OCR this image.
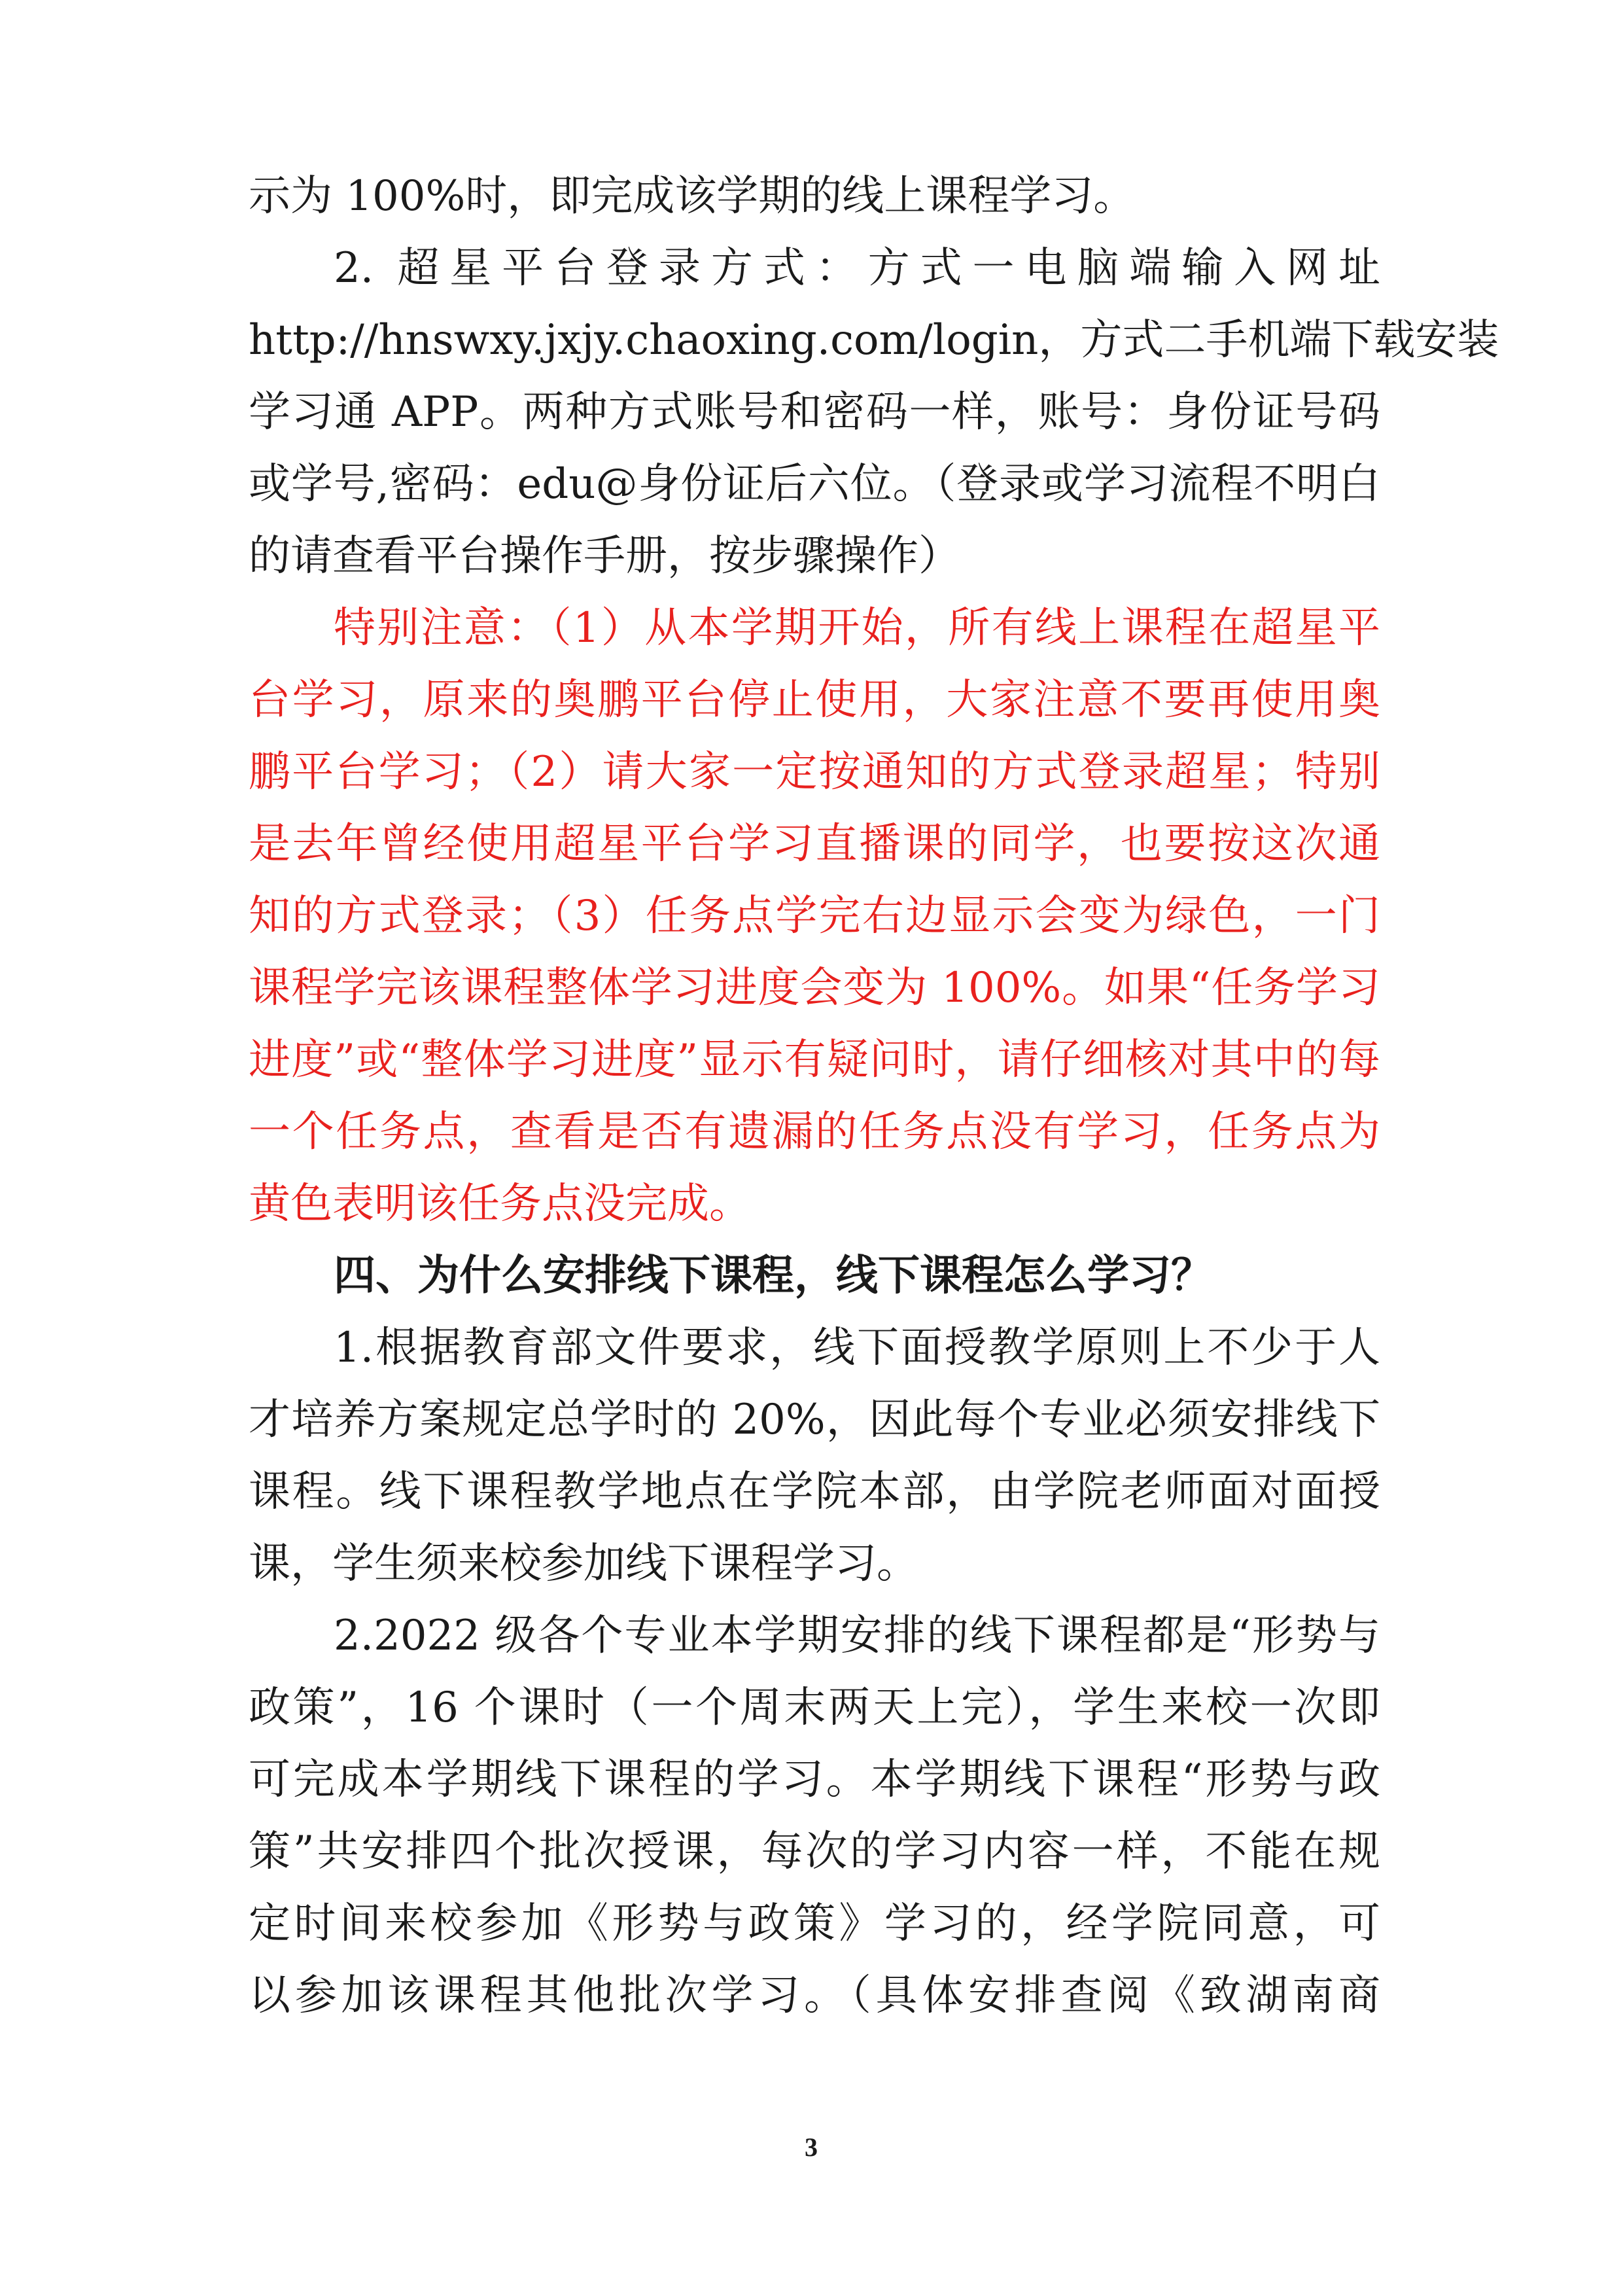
示为 100%时，即完成该学期的线上课程学习。
2. 超星平台登录方式：方式一电脑端输入网址
http://hnswxy.jxjy.chaoxing.com/login，方式二手机端下载安装
学习通 APP。两种方式账号和密码一样，账号：身份证号码
或学号,密码：edu@身份证后六位。（登录或学习流程不明白
的请查看平台操作手册，按步骤操作）
特别注意：（1）从本学期开始，所有线上课程在超星平
台学习，原来的奥鹏平台停止使用，大家注意不要再使用奥
鹏平台学习；（2）请大家一定按通知的方式登录超星；特别
是去年曾经使用超星平台学习直播课的同学，也要按这次通
知的方式登录；（3）任务点学完右边显示会变为绿色，一门
课程学完该课程整体学习进度会变为 100%。如果“任务学习
进度”或“整体学习进度”显示有疑问时，请仔细核对其中的每
一个任务点，查看是否有遗漏的任务点没有学习，任务点为
黄色表明该任务点没完成。
四、为什么安排线下课程，线下课程怎么学习？
1.根据教育部文件要求，线下面授教学原则上不少于人
才培养方案规定总学时的 20%，因此每个专业必须安排线下
课程。线下课程教学地点在学院本部，由学院老师面对面授
课，学生须来校参加线下课程学习。
2.2022 级各个专业本学期安排的线下课程都是“形势与
政策”，16 个课时（一个周末两天上完），学生来校一次即
可完成本学期线下课程的学习。本学期线下课程“形势与政
策”共安排四个批次授课，每次的学习内容一样，不能在规
定时间来校参加《形势与政策》学习的，经学院同意，可
以参加该课程其他批次学习。（具体安排查阅《致湖南商
3
